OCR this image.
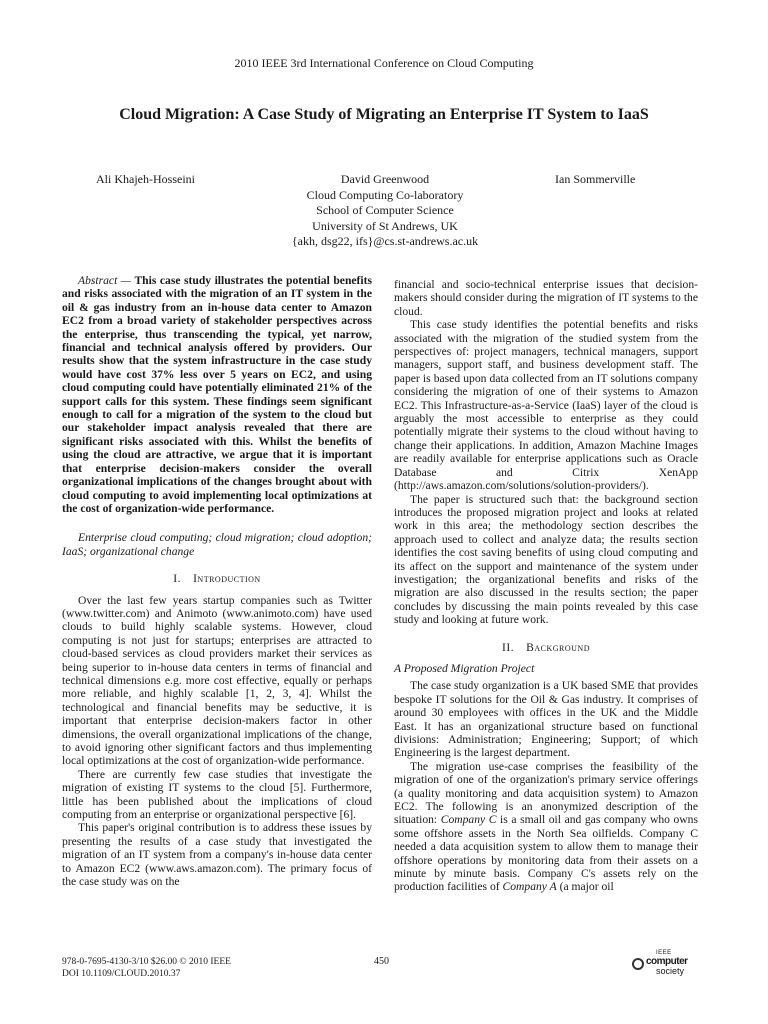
2010 IEEE 3rd International Conference on Cloud Computing
Cloud Migration: A Case Study of Migrating an Enterprise IT System to IaaS
Ali Khajeh-Hosseini	David Greenwood
Cloud Computing Co-laboratory
School of Computer Science
University of St Andrews, UK
{akh, dsg22, ifs}@cs.st-andrews.ac.uk
Ian Sommerville

Abstract — This case study illustrates the potential benefits and risks associated with the migration of an IT system in the oil & gas industry from an in-house data center to Amazon EC2 from a broad variety of stakeholder perspectives across the enterprise, thus transcending the typical, yet narrow, financial and technical analysis offered by providers. Our results show that the system infrastructure in the case study would have cost 37% less over 5 years on EC2, and using cloud computing could have potentially eliminated 21% of the support calls for this system. These findings seem significant enough to call for a migration of the system to the cloud but our stakeholder impact analysis revealed that there are significant risks associated with this. Whilst the benefits of using the cloud are attractive, we argue that it is important that enterprise decision-makers consider the overall organizational implications of the changes brought about with cloud computing to avoid implementing local optimizations at the cost of organization-wide performance.

Enterprise cloud computing; cloud migration; cloud adoption; IaaS; organizational change

I. Introduction

Over the last few years startup companies such as Twitter (www.twitter.com) and Animoto (www.animoto.com) have used clouds to build highly scalable systems. However, cloud computing is not just for startups; enterprises are attracted to cloud-based services as cloud providers market their services as being superior to in-house data centers in terms of financial and technical dimensions e.g. more cost effective, equally or perhaps more reliable, and highly scalable [1, 2, 3, 4]. Whilst the technological and financial benefits may be seductive, it is important that enterprise decision-makers factor in other dimensions, the overall organizational implications of the change, to avoid ignoring other significant factors and thus implementing local optimizations at the cost of organization-wide performance.

There are currently few case studies that investigate the migration of existing IT systems to the cloud [5]. Furthermore, little has been published about the implications of cloud computing from an enterprise or organizational perspective [6].

This paper's original contribution is to address these issues by presenting the results of a case study that investigated the migration of an IT system from a company's in-house data center to Amazon EC2 (www.aws.amazon.com). The primary focus of the case study was on the

financial and socio-technical enterprise issues that decision-makers should consider during the migration of IT systems to the cloud.

This case study identifies the potential benefits and risks associated with the migration of the studied system from the perspectives of: project managers, technical managers, support managers, support staff, and business development staff. The paper is based upon data collected from an IT solutions company considering the migration of one of their systems to Amazon EC2. This Infrastructure-as-a-Service (IaaS) layer of the cloud is arguably the most accessible to enterprise as they could potentially migrate their systems to the cloud without having to change their applications. In addition, Amazon Machine Images are readily available for enterprise applications such as Oracle Database and Citrix XenApp (http://aws.amazon.com/solutions/solution-providers/).

The paper is structured such that: the background section introduces the proposed migration project and looks at related work in this area; the methodology section describes the approach used to collect and analyze data; the results section identifies the cost saving benefits of using cloud computing and its affect on the support and maintenance of the system under investigation; the organizational benefits and risks of the migration are also discussed in the results section; the paper concludes by discussing the main points revealed by this case study and looking at future work.

II. Background
A Proposed Migration Project

The case study organization is a UK based SME that provides bespoke IT solutions for the Oil & Gas industry. It comprises of around 30 employees with offices in the UK and the Middle East. It has an organizational structure based on functional divisions: Administration; Engineering; Support; of which Engineering is the largest department.

The migration use-case comprises the feasibility of the migration of one of the organization's primary service offerings (a quality monitoring and data acquisition system) to Amazon EC2. The following is an anonymized description of the situation: Company C is a small oil and gas company who owns some offshore assets in the North Sea oilfields. Company C needed a data acquisition system to allow them to manage their offshore operations by monitoring data from their assets on a minute by minute basis. Company C's assets rely on the production facilities of Company A (a major oil

978-0-7695-4130-3/10 $26.00 © 2010 IEEE
DOI 10.1109/CLOUD.2010.37
450
IEEE
computer
society
